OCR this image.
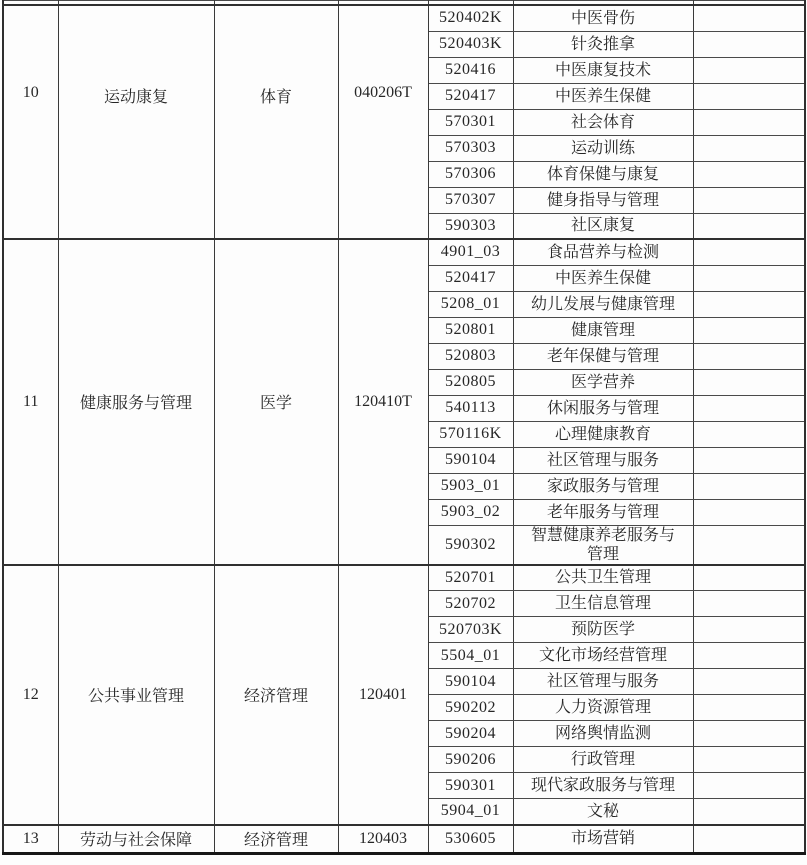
10	运动康复	体育	040206T	520402K	中医骨伤	
				520403K	针灸推拿	
				520416	中医康复技术	
				520417	中医养生保健	
				570301	社会体育	
				570303	运动训练	
				570306	体育保健与康复	
				570307	健身指导与管理	
				590303	社区康复	
11	健康服务与管理	医学	120410T	4901_03	食品营养与检测	
				520417	中医养生保健	
				5208_01	幼儿发展与健康管理	
				520801	健康管理	
				520803	老年保健与管理	
				520805	医学营养	
				540113	休闲服务与管理	
				570116K	心理健康教育	
				590104	社区管理与服务	
				5903_01	家政服务与管理	
				5903_02	老年服务与管理	
				590302	智慧健康养老服务与管理	
12	公共事业管理	经济管理	120401	520701	公共卫生管理	
				520702	卫生信息管理	
				520703K	预防医学	
				5504_01	文化市场经营管理	
				590104	社区管理与服务	
				590202	人力资源管理	
				590204	网络舆情监测	
				590206	行政管理	
				590301	现代家政服务与管理	
				5904_01	文秘	
13	劳动与社会保障	经济管理	120403	530605	市场营销	
